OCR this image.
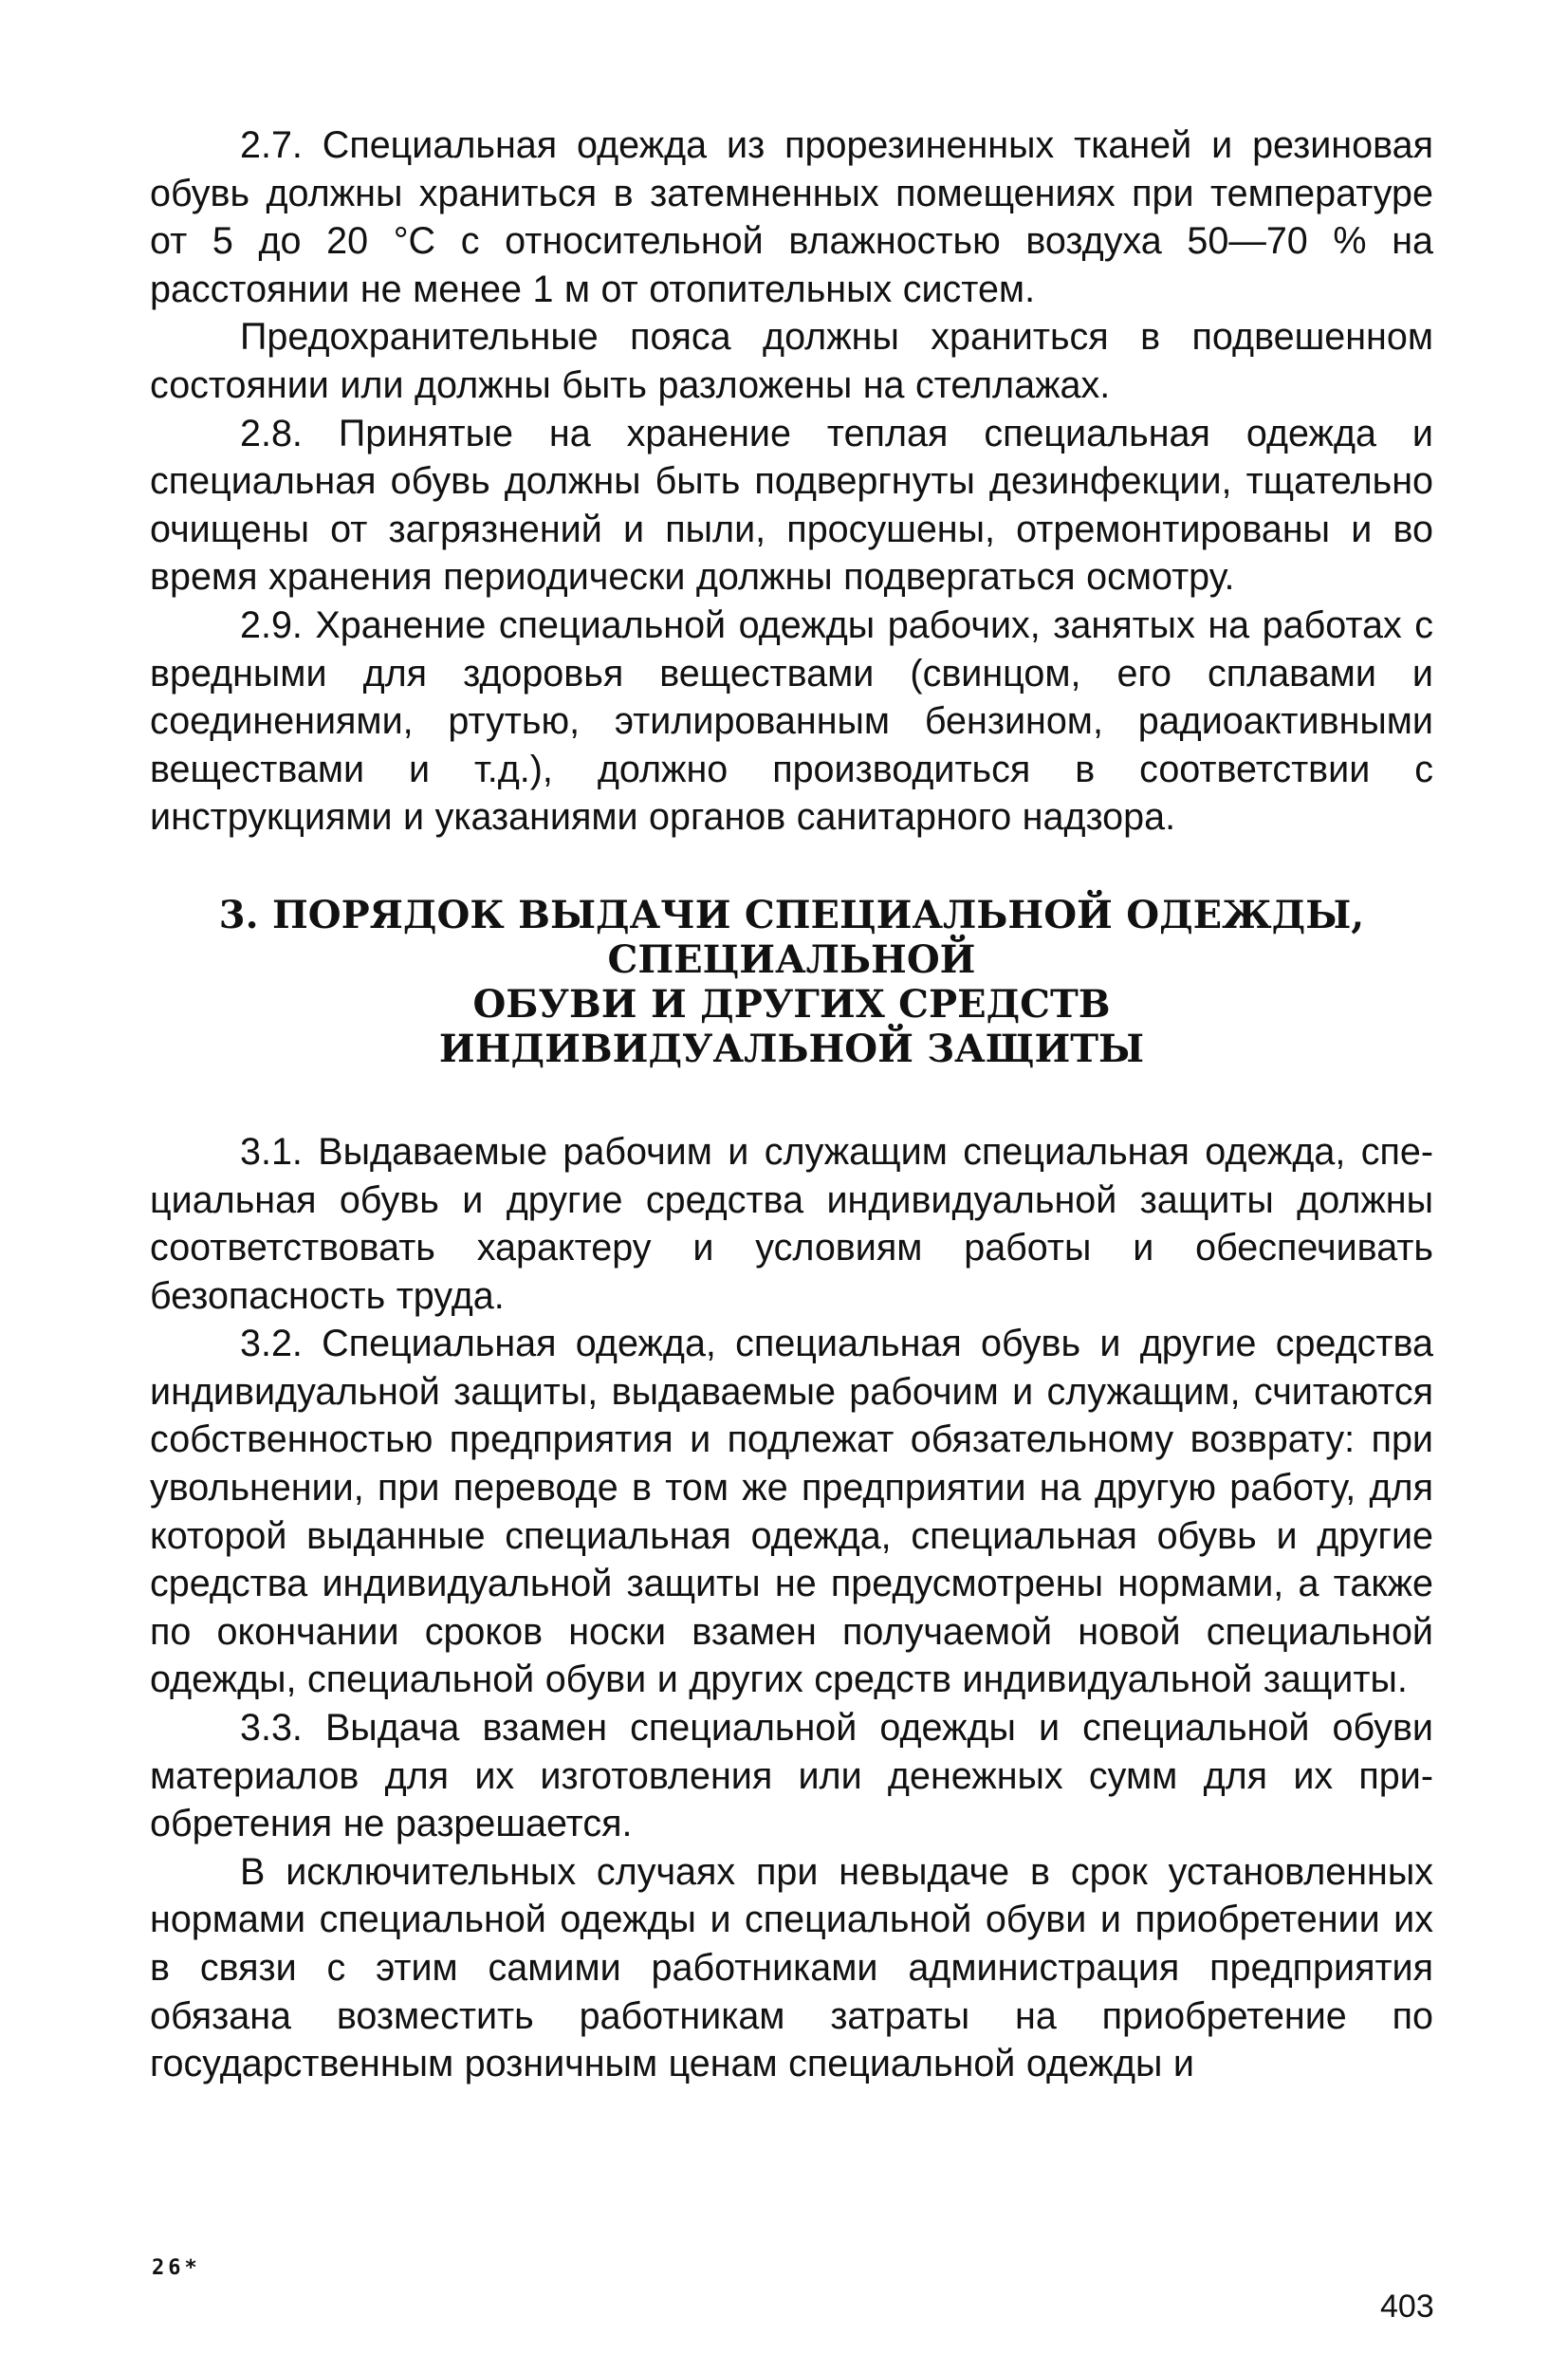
2.7. Специальная одежда из прорезиненных тканей и резиновая обувь должны храниться в затемненных помещениях при температуре от 5 до 20 °С с относительной влажностью воздуха 50—70 % на расстоянии не менее 1 м от отопительных систем.

Предохранительные пояса должны храниться в подвешенном состоянии или должны быть разложены на стеллажах.

2.8. Принятые на хранение теплая специальная одежда и специальная обувь должны быть подвергнуты дезинфекции, тщательно очищены от загрязнений и пыли, просушены, отремонтированы и во время хранения периодически должны подвергаться осмотру.

2.9. Хранение специальной одежды рабочих, занятых на работах с вредными для здоровья веществами (свинцом, его сплавами и соединениями, ртутью, этилированным бензином, радиоактивными веществами и т.д.), должно производиться в соответствии с инструкциями и указаниями органов санитарного надзора.

3. ПОРЯДОК ВЫДАЧИ СПЕЦИАЛЬНОЙ ОДЕЖДЫ, СПЕЦИАЛЬНОЙ
ОБУВИ И ДРУГИХ СРЕДСТВ
ИНДИВИДУАЛЬНОЙ ЗАЩИТЫ

3.1. Выдаваемые рабочим и служащим специальная одежда, специальная обувь и другие средства индивидуальной защиты должны соответствовать характеру и условиям работы и обеспечивать безопасность труда.

3.2. Специальная одежда, специальная обувь и другие средства индивидуальной защиты, выдаваемые рабочим и служащим, считаются собственностью предприятия и подлежат обязательному возврату: при увольнении, при переводе в том же предприятии на другую работу, для которой выданные специальная одежда, специальная обувь и другие средства индивидуальной защиты не предусмотрены нормами, а также по окончании сроков носки взамен получаемой новой специальной одежды, специальной обуви и других средств индивидуальной защиты.

3.3. Выдача взамен специальной одежды и специальной обуви материалов для их изготовления или денежных сумм для их приобретения не разрешается.

В исключительных случаях при невыдаче в срок установленных нормами специальной одежды и специальной обуви и приобретении их в связи с этим самими работниками администрация предприятия обязана возместить работникам затраты на приобретение по государственным розничным ценам специальной одежды и

26*
403
